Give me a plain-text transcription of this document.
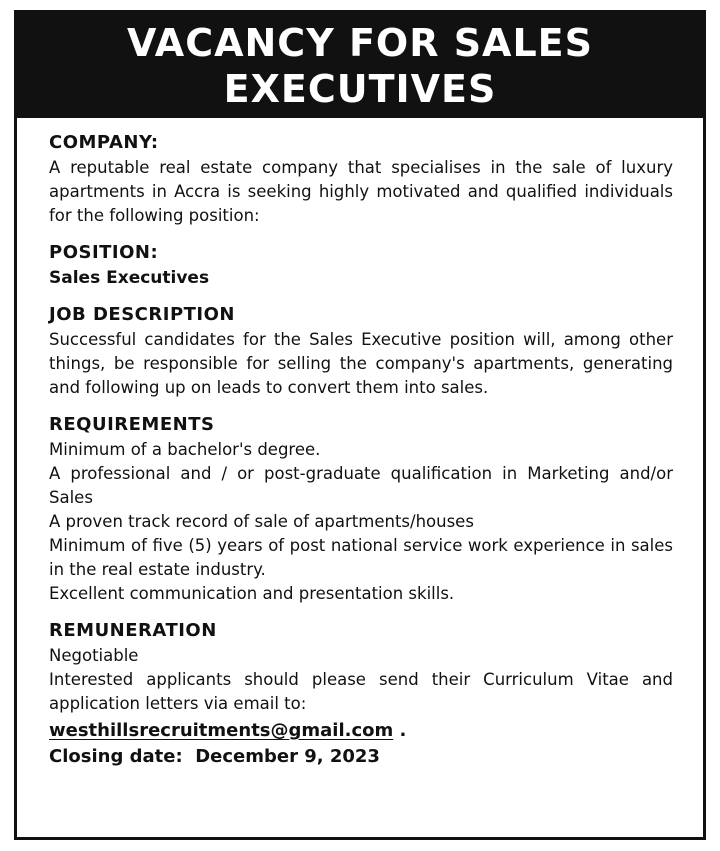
VACANCY FOR SALES
EXECUTIVES
COMPANY:
A reputable real estate company that specialises in the sale of luxury apartments in Accra is seeking highly motivated and qualified individuals for the following position:
POSITION:
Sales Executives
JOB DESCRIPTION
Successful candidates for the Sales Executive position will, among other things, be responsible for selling the company's apartments, generating and following up on leads to convert them into sales.
REQUIREMENTS
Minimum of a bachelor's degree.
A professional and / or post-graduate qualification in Marketing and/or Sales
A proven track record of sale of apartments/houses
Minimum of five (5) years of post national service work experience in sales in the real estate industry.
Excellent communication and presentation skills.
REMUNERATION
Negotiable
Interested applicants should please send their Curriculum Vitae and application letters via email to:
westhillsrecruitments@gmail.com .
Closing date: December 9, 2023
